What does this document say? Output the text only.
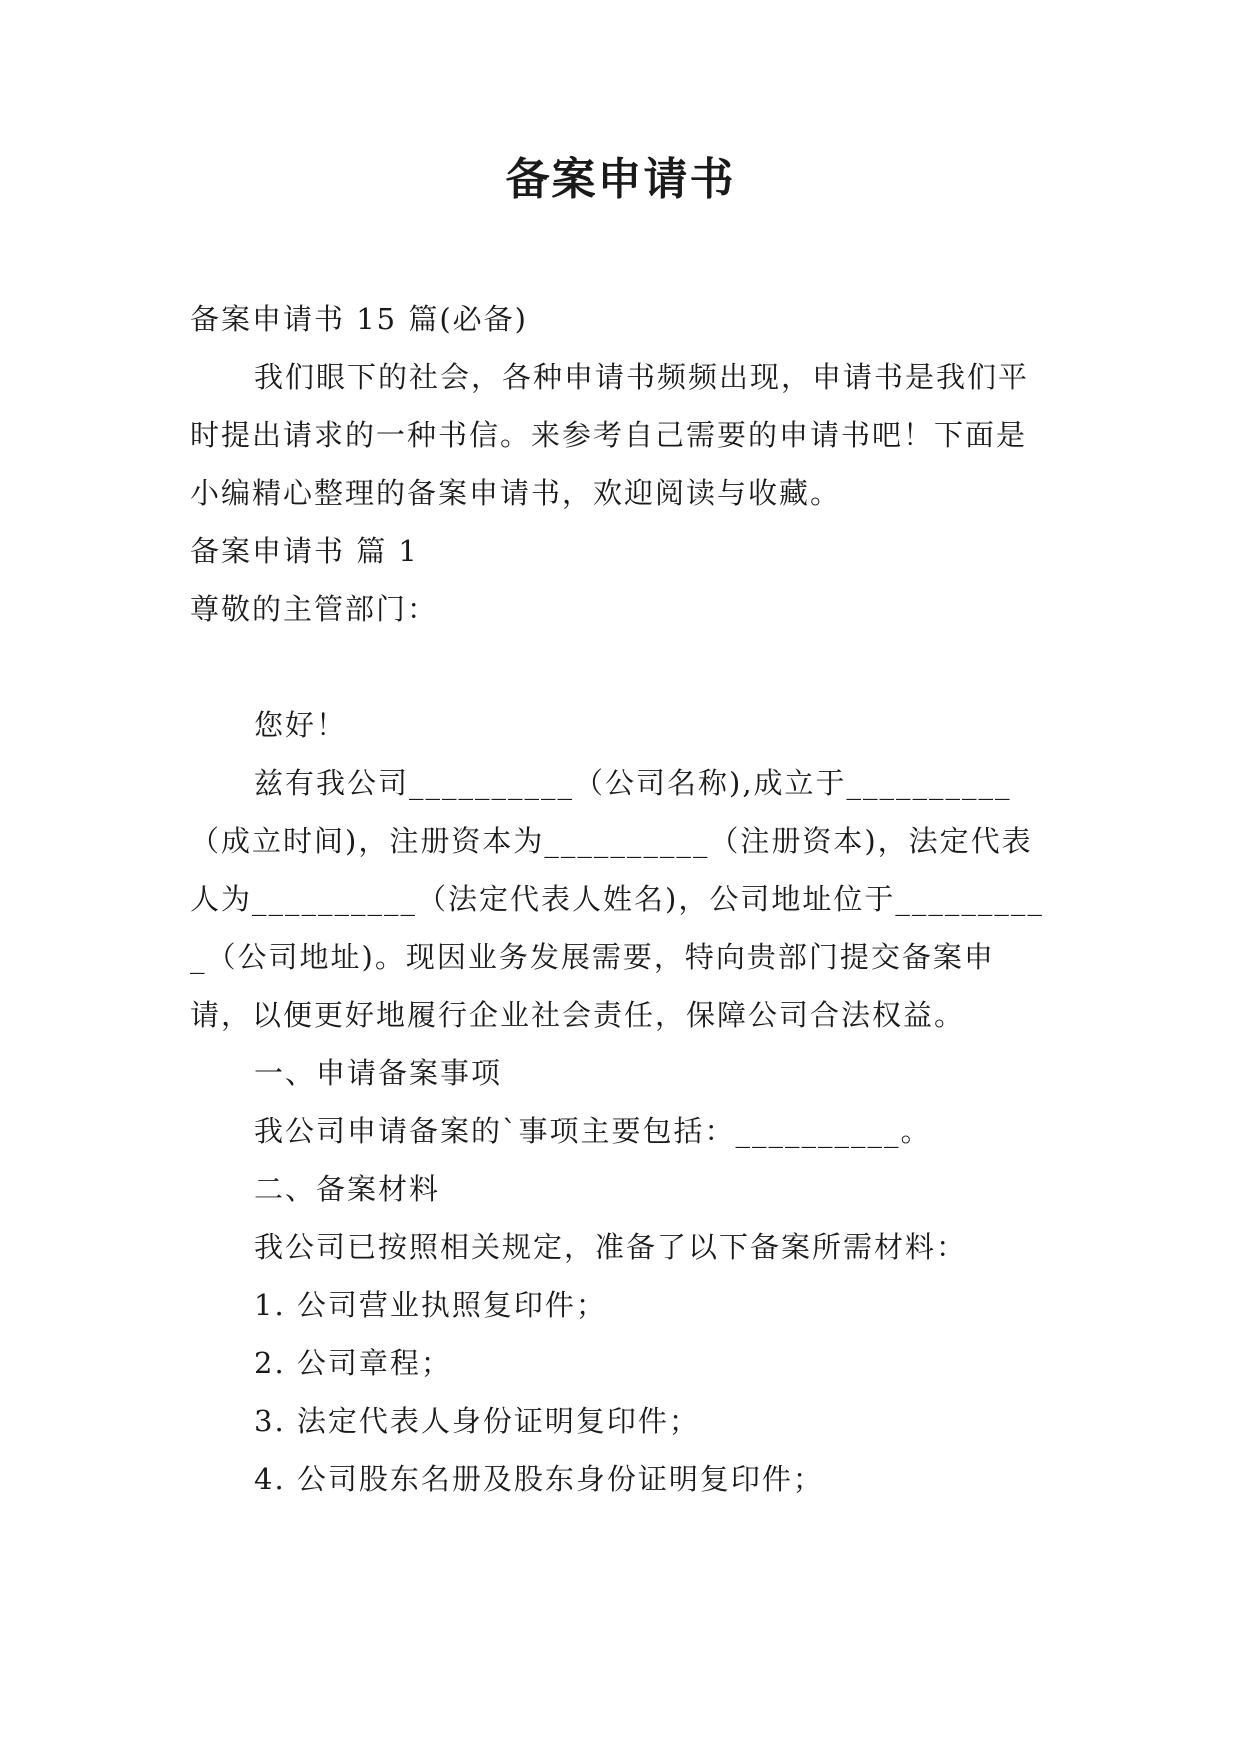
备案申请书

备案申请书 15 篇(必备)

我们眼下的社会，各种申请书频频出现，申请书是我们平时提出请求的一种书信。来参考自己需要的申请书吧！下面是小编精心整理的备案申请书，欢迎阅读与收藏。

备案申请书 篇 1

尊敬的主管部门：

您好！

兹有我公司__________（公司名称),成立于__________（成立时间)，注册资本为__________（注册资本)，法定代表人为__________（法定代表人姓名)，公司地址位于__________（公司地址)。现因业务发展需要，特向贵部门提交备案申请，以便更好地履行企业社会责任，保障公司合法权益。

一、申请备案事项

我公司申请备案的`事项主要包括：__________。

二、备案材料

我公司已按照相关规定，准备了以下备案所需材料：

1. 公司营业执照复印件；

2. 公司章程；

3. 法定代表人身份证明复印件；

4. 公司股东名册及股东身份证明复印件；
